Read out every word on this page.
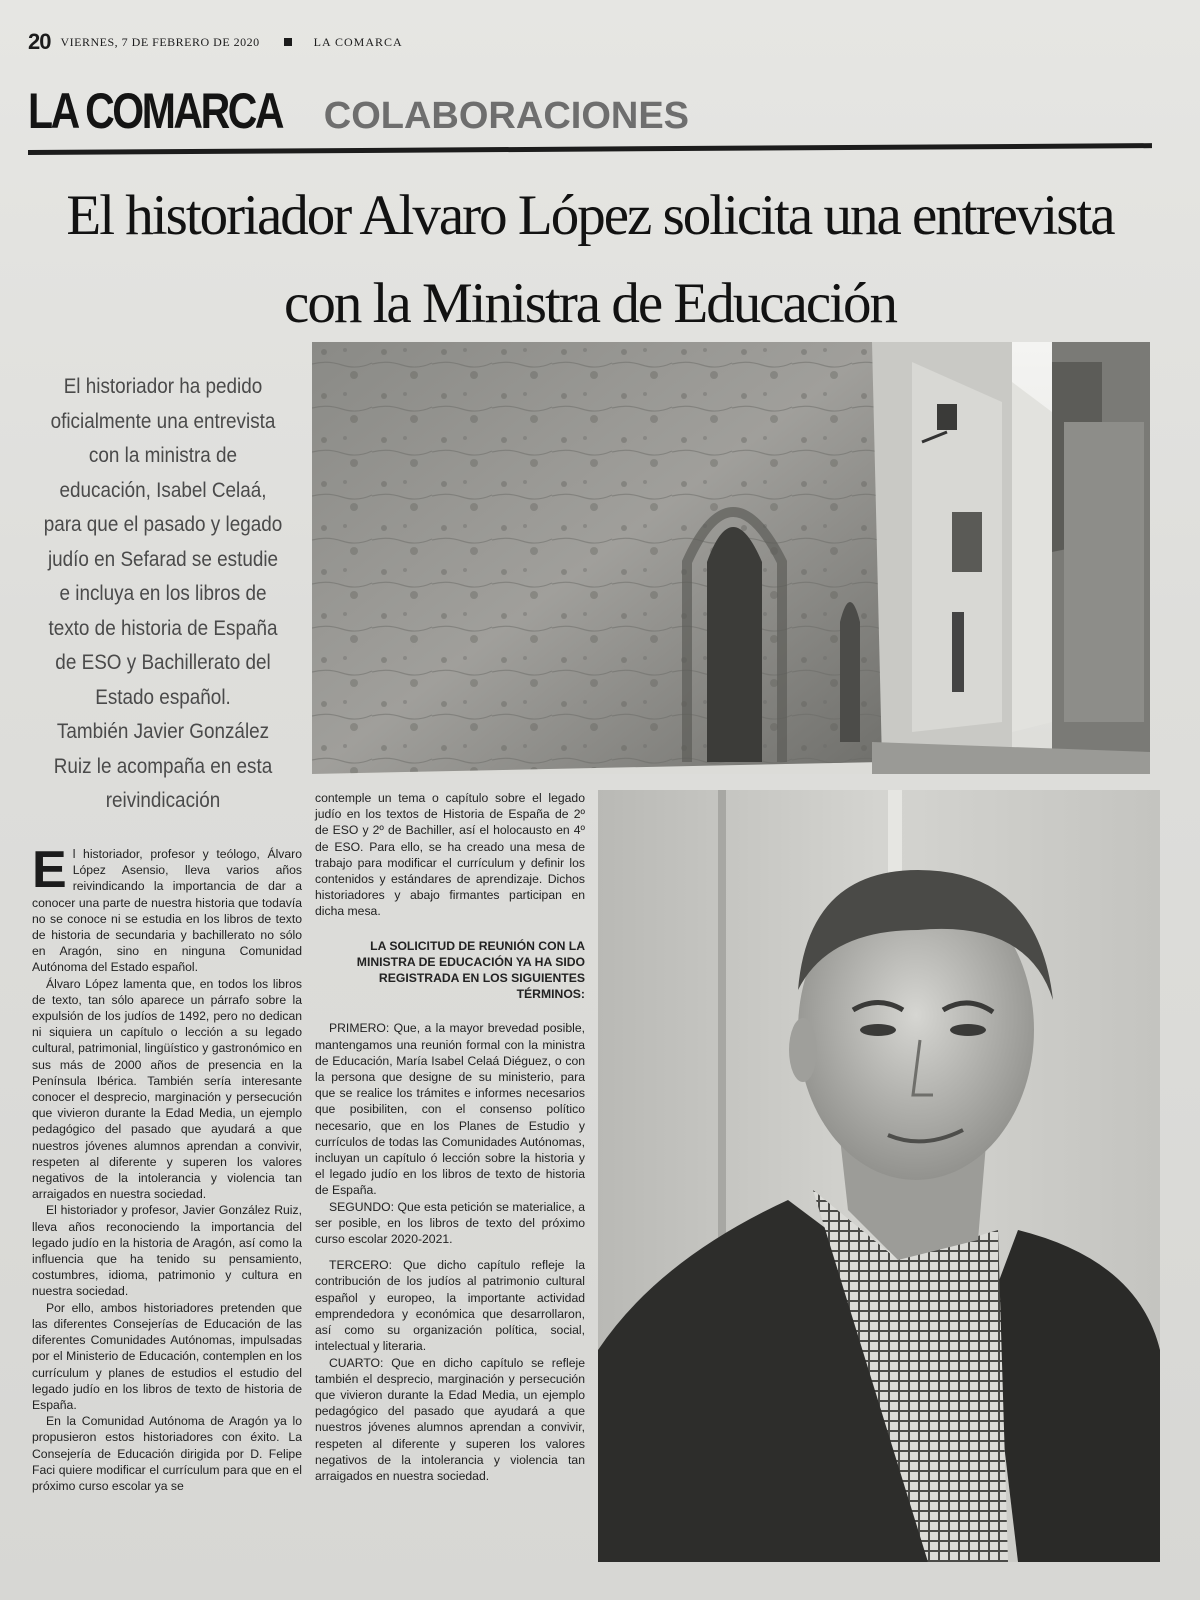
20 VIERNES, 7 DE FEBRERO DE 2020	LA COMARCA
LA COMARCA COLABORACIONES
El historiador Alvaro López solicita una entrevista con la Ministra de Educación

El historiador ha pedido oficialmente una entrevista con la ministra de educación, Isabel Celaá, para que el pasado y legado judío en Sefarad se estudie e incluya en los libros de texto de historia de España de ESO y Bachillerato del Estado español.

También Javier González Ruiz le acompaña en esta reivindicación

El historiador, profesor y teólogo, Álvaro López Asensio, lleva varios años reivindicando la importancia de dar a conocer una parte de nuestra historia que todavía no se conoce ni se estudia en los libros de texto de historia de secundaria y bachillerato no sólo en Aragón, sino en ninguna Comunidad Autónoma del Estado español.

Álvaro López lamenta que, en todos los libros de texto, tan sólo aparece un párrafo sobre la expulsión de los judíos de 1492, pero no dedican ni siquiera un capítulo o lección a su legado cultural, patrimonial, lingüístico y gastronómico en sus más de 2000 años de presencia en la Península Ibérica. También sería interesante conocer el desprecio, marginación y persecución que vivieron durante la Edad Media, un ejemplo pedagógico del pasado que ayudará a que nuestros jóvenes alumnos aprendan a convivir, respeten al diferente y superen los valores negativos de la intolerancia y violencia tan arraigados en nuestra sociedad.

El historiador y profesor, Javier González Ruiz, lleva años reconociendo la importancia del legado judío en la historia de Aragón, así como la influencia que ha tenido su pensamiento, costumbres, idioma, patrimonio y cultura en nuestra sociedad.

Por ello, ambos historiadores pretenden que las diferentes Consejerías de Educación de las diferentes Comunidades Autónomas, impulsadas por el Ministerio de Educación, contemplen en los currículum y planes de estudios el estudio del legado judío en los libros de texto de historia de España.

En la Comunidad Autónoma de Aragón ya lo propusieron estos historiadores con éxito. La Consejería de Educación dirigida por D. Felipe Faci quiere modificar el currículum para que en el próximo curso escolar ya se

contemple un tema o capítulo sobre el legado judío en los textos de Historia de España de 2º de ESO y 2º de Bachiller, así el holocausto en 4º de ESO. Para ello, se ha creado una mesa de trabajo para modificar el currículum y definir los contenidos y estándares de aprendizaje. Dichos historiadores y abajo firmantes participan en dicha mesa.

LA SOLICITUD DE REUNIÓN CON LA MINISTRA DE EDUCACIÓN YA HA SIDO REGISTRADA EN LOS SIGUIENTES TÉRMINOS:

PRIMERO: Que, a la mayor brevedad posible, mantengamos una reunión formal con la ministra de Educación, María Isabel Celaá Diéguez, o con la persona que designe de su ministerio, para que se realice los trámites e informes necesarios que posibiliten, con el consenso político necesario, que en los Planes de Estudio y currículos de todas las Comunidades Autónomas, incluyan un capítulo ó lección sobre la historia y el legado judío en los libros de texto de historia de España.

SEGUNDO: Que esta petición se materialice, a ser posible, en los libros de texto del próximo curso escolar 2020-2021.

TERCERO: Que dicho capítulo refleje la contribución de los judíos al patrimonio cultural español y europeo, la importante actividad emprendedora y económica que desarrollaron, así como su organización política, social, intelectual y literaria.

CUARTO: Que en dicho capítulo se refleje también el desprecio, marginación y persecución que vivieron durante la Edad Media, un ejemplo pedagógico del pasado que ayudará a que nuestros jóvenes alumnos aprendan a convivir, respeten al diferente y superen los valores negativos de la intolerancia y violencia tan arraigados en nuestra sociedad.
